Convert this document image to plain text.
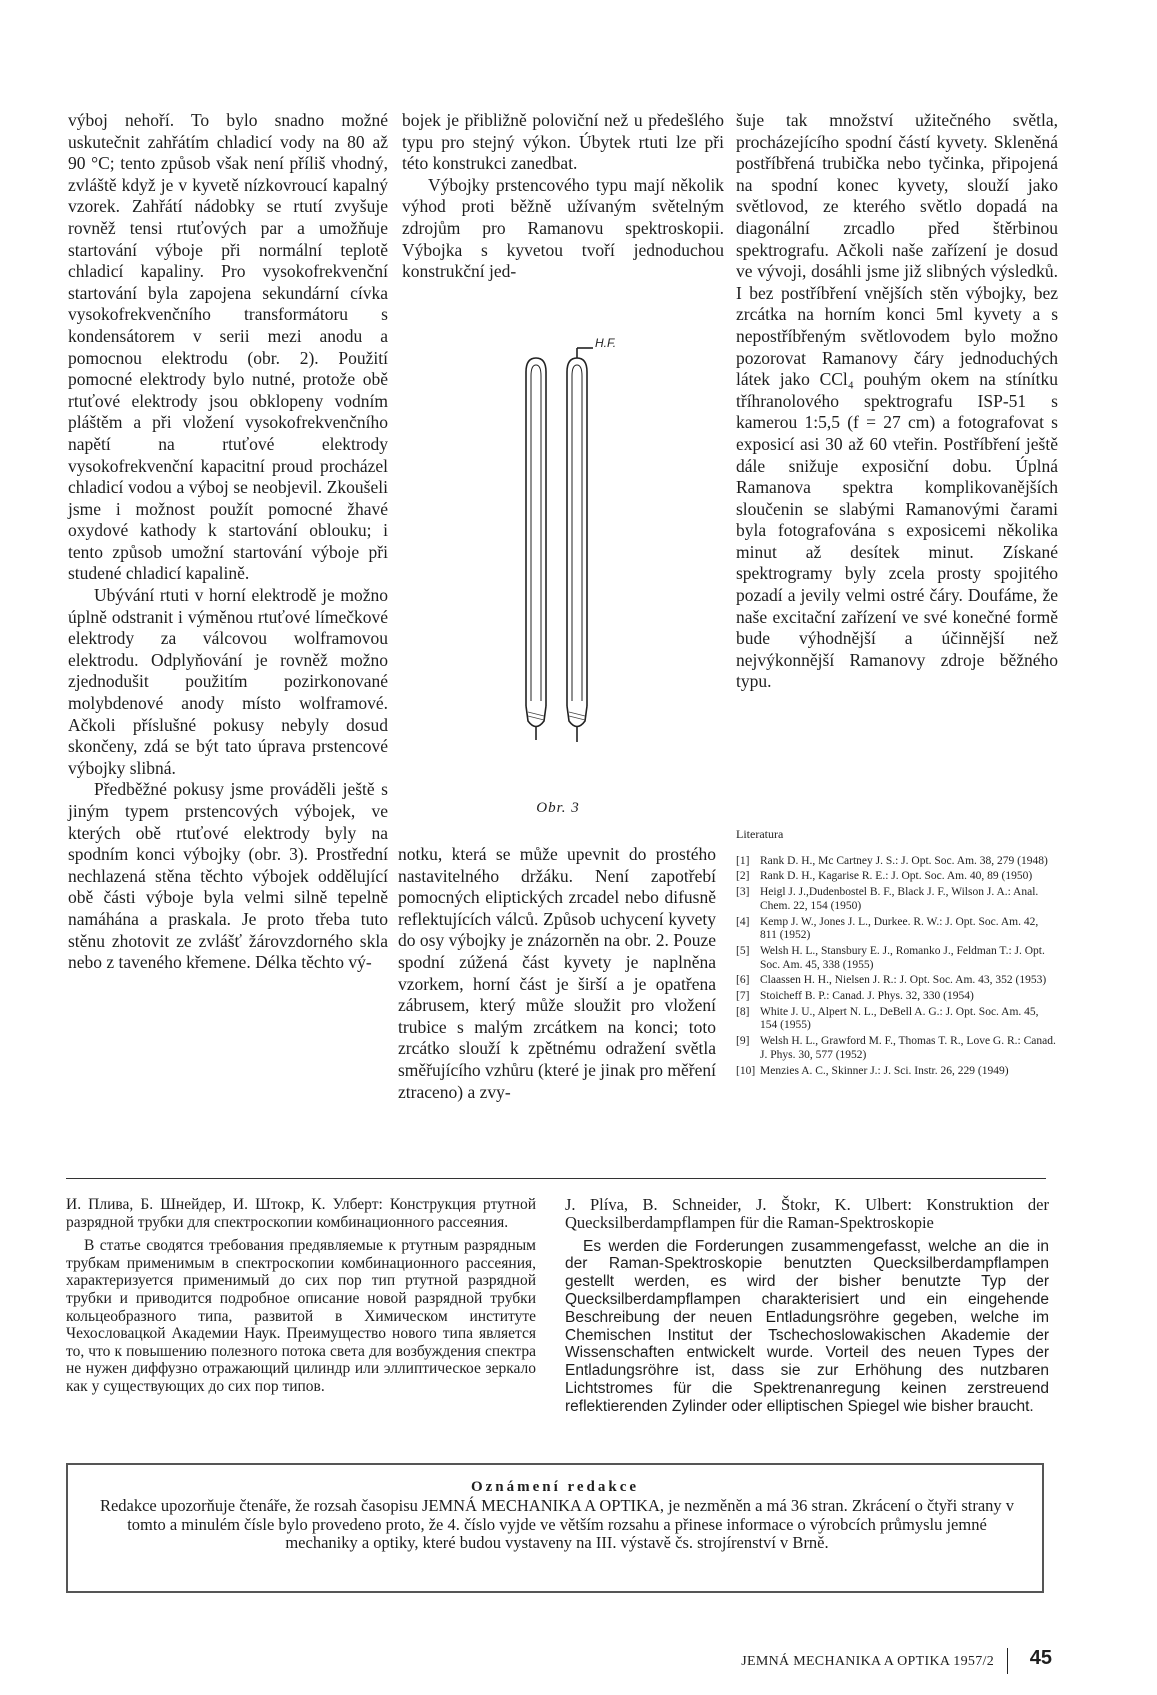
výboj nehoří. To bylo snadno možné uskutečnit zahřátím chladicí vody na 80 až 90 °C; tento způsob však není příliš vhodný, zvláště když je v kyvetě nízkovroucí kapalný vzorek. Zahřátí nádobky se rtutí zvyšuje rovněž tensi rtuťových par a umožňuje startování výboje při normální teplotě chladicí kapaliny. Pro vysokofrekvenční startování byla zapojena sekundární cívka vysokofrekvenčního transformátoru s kondensátorem v serii mezi anodu a pomocnou elektrodu (obr. 2). Použití pomocné elektrody bylo nutné, protože obě rtuťové elektrody jsou obklopeny vodním pláštěm a při vložení vysokofrekvenčního napětí na rtuťové elektrody vysokofrekvenční kapacitní proud procházel chladicí vodou a výboj se neobjevil. Zkoušeli jsme i možnost použít pomocné žhavé oxydové kathody k startování oblouku; i tento způsob umožní startování výboje při studené chladicí kapalině.

Ubývání rtuti v horní elektrodě je možno úplně odstranit i výměnou rtuťové límečkové elektrody za válcovou wolframovou elektrodu. Odplyňování je rovněž možno zjednodušit použitím pozirkonované molybdenové anody místo wolframové. Ačkoli příslušné pokusy nebyly dosud skončeny, zdá se být tato úprava prstencové výbojky slibná.

Předběžné pokusy jsme prováděli ještě s jiným typem prstencových výbojek, ve kterých obě rtuťové elektrody byly na spodním konci výbojky (obr. 3). Prostřední nechlazená stěna těchto výbojek oddělující obě části výboje byla velmi silně tepelně namáhána a praskala. Je proto třeba tuto stěnu zhotovit ze zvlášť žárovzdorného skla nebo z taveného křemene. Délka těchto vý-

bojek je přibližně poloviční než u předešlého typu pro stejný výkon. Úbytek rtuti lze při této konstrukci zanedbat.

Výbojky prstencového typu mají několik výhod proti běžně užívaným světelným zdrojům pro Ramanovu spektroskopii. Výbojka s kyvetou tvoří jednoduchou konstrukční jed-

H.F.
Obr. 3

notku, která se může upevnit do prostého nastavitelného držáku. Není zapotřebí pomocných eliptických zrcadel nebo difusně reflektujících válců. Způsob uchycení kyvety do osy výbojky je znázorněn na obr. 2. Pouze spodní zúžená část kyvety je naplněna vzorkem, horní část je širší a je opatřena zábrusem, který může sloužit pro vložení trubice s malým zrcátkem na konci; toto zrcátko slouží k zpětnému odražení světla směřujícího vzhůru (které je jinak pro měření ztraceno) a zvy-

šuje tak množství užitečného světla, procházejícího spodní částí kyvety. Skleněná postříbřená trubička nebo tyčinka, připojená na spodní konec kyvety, slouží jako světlovod, ze kterého světlo dopadá na diagonální zrcadlo před štěrbinou spektrografu. Ačkoli naše zařízení je dosud ve vývoji, dosáhli jsme již slibných výsledků. I bez postříbření vnějších stěn výbojky, bez zrcátka na horním konci 5ml kyvety a s nepostříbřeným světlovodem bylo možno pozorovat Ramanovy čáry jednoduchých látek jako CCl₄ pouhým okem na stínítku tříhranolového spektrografu ISP-51 s kamerou 1:5,5 (f = 27 cm) a fotografovat s exposicí asi 30 až 60 vteřin. Postříbření ještě dále snižuje exposiční dobu. Úplná Ramanova spektra komplikovanějších sloučenin se slabými Ramanovými čarami byla fotografována s exposicemi několika minut až desítek minut. Získané spektrogramy byly zcela prosty spojitého pozadí a jevily velmi ostré čáry. Doufáme, že naše excitační zařízení ve své konečné formě bude výhodnější a účinnější než nejvýkonnější Ramanovy zdroje běžného typu.

Literatura
[1] Rank D. H., Mc Cartney J. S.: J. Opt. Soc. Am. 38, 279 (1948)
[2] Rank D. H., Kagarise R. E.: J. Opt. Soc. Am. 40, 89 (1950)
[3] Heigl J. J.,Dudenbostel B. F., Black J. F., Wilson J. A.: Anal. Chem. 22, 154 (1950)
[4] Kemp J. W., Jones J. L., Durkee. R. W.: J. Opt. Soc. Am. 42, 811 (1952)
[5] Welsh H. L., Stansbury E. J., Romanko J., Feldman T.: J. Opt. Soc. Am. 45, 338 (1955)
[6] Claassen H. H., Nielsen J. R.: J. Opt. Soc. Am. 43, 352 (1953)
[7] Stoicheff B. P.: Canad. J. Phys. 32, 330 (1954)
[8] White J. U., Alpert N. L., DeBell A. G.: J. Opt. Soc. Am. 45, 154 (1955)
[9] Welsh H. L., Grawford M. F., Thomas T. R., Love G. R.: Canad. J. Phys. 30, 577 (1952)
[10] Menzies A. C., Skinner J.: J. Sci. Instr. 26, 229 (1949)

И. Плива, Б. Шнейдер, И. Штокр, К. Улберт: Конструкция ртутной разрядной трубки для спектроскопии комбинационного рассеяния.

В статье сводятся требования предявляемые к ртутным разрядным трубкам применимым в спектроскопии комбинационного рассеяния, характеризуется применимый до сих пор тип ртутной разрядной трубки и приводится подробное описание новой разрядной трубки кольцеобразного типа, развитой в Химическом институте Чехословацкой Академии Наук. Преимущество нового типа является то, что к повышению полезного потока света для возбуждения спектра не нужен диффузно отражающий цилиндр или эллиптическое зеркало как у существующих до сих пор типов.

J. Plíva, B. Schneider, J. Štokr, K. Ulbert: Konstruktion der Quecksilberdampflampen für die Raman-Spektroskopie

Es werden die Forderungen zusammengefasst, welche an die in der Raman-Spektroskopie benutzten Quecksilberdampflampen gestellt werden, es wird der bisher benutzte Typ der Quecksilberdampflampen charakterisiert und ein eingehende Beschreibung der neuen Entladungsröhre gegeben, welche im Chemischen Institut der Tschechoslowakischen Akademie der Wissenschaften entwickelt wurde. Vorteil des neuen Types der Entladungsröhre ist, dass sie zur Erhöhung des nutzbaren Lichtstromes für die Spektrenanregung keinen zerstreuend reflektierenden Zylinder oder elliptischen Spiegel wie bisher braucht.

Oznámení redakce
Redakce upozorňuje čtenáře, že rozsah časopisu JEMNÁ MECHANIKA A OPTIKA, je nezměněn a má 36 stran. Zkrácení o čtyři strany v tomto a minulém čísle bylo provedeno proto, že 4. číslo vyjde ve větším rozsahu a přinese informace o výrobcích průmyslu jemné mechaniky a optiky, které budou vystaveny na III. výstavě čs. strojírenství v Brně.
JEMNÁ MECHANIKA A OPTIKA 1957/2 45
